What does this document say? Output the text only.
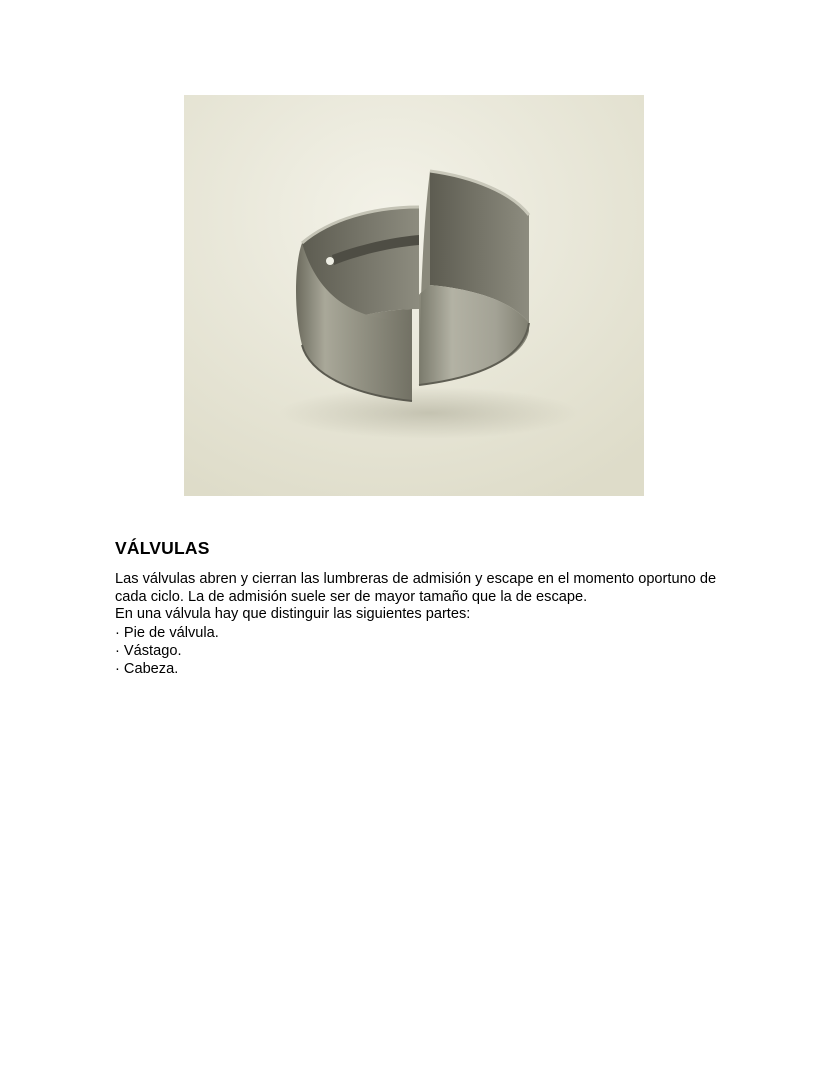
VÁLVULAS

Las válvulas abren y cierran las lumbreras de admisión y escape en el momento oportuno de cada ciclo. La de admisión suele ser de mayor tamaño que la de escape.

En una válvula hay que distinguir las siguientes partes:

· Pie de válvula.
· Vástago.
· Cabeza.
